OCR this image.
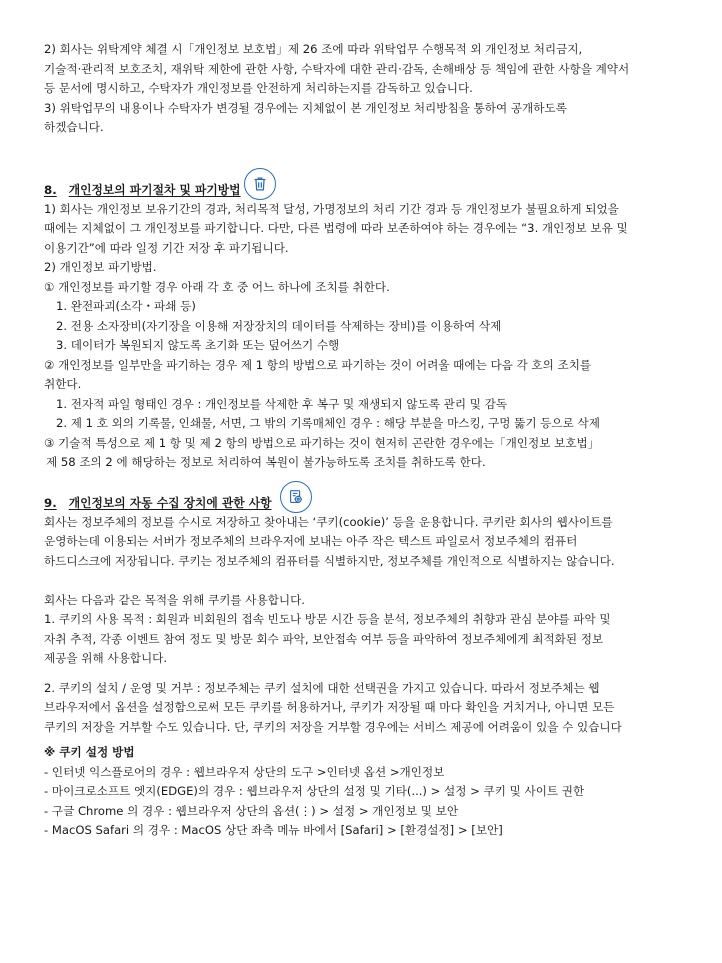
2) 회사는 위탁계약 체결 시「개인정보 보호법」제 26 조에 따라 위탁업무 수행목적 외 개인정보 처리금지,

기술적·관리적 보호조치, 재위탁 제한에 관한 사항, 수탁자에 대한 관리·감독, 손해배상 등 책임에 관한 사항을 계약서

등 문서에 명시하고, 수탁자가 개인정보를 안전하게 처리하는지를 감독하고 있습니다.

3) 위탁업무의 내용이나 수탁자가 변경될 경우에는 지체없이 본 개인정보 처리방침을 통하여 공개하도록

하겠습니다.

8. 개인정보의 파기절차 및 파기방법

1) 회사는 개인정보 보유기간의 경과, 처리목적 달성, 가명정보의 처리 기간 경과 등 개인정보가 불필요하게 되었을

때에는 지체없이 그 개인정보를 파기합니다. 다만, 다른 법령에 따라 보존하여야 하는 경우에는 “3. 개인정보 보유 및

이용기간”에 따라 일정 기간 저장 후 파기됩니다.

2) 개인정보 파기방법.

① 개인정보를 파기할 경우 아래 각 호 중 어느 하나에 조치를 취한다.

1. 완전파괴(소각・파쇄 등)

2. 전용 소자장비(자기장을 이용해 저장장치의 데이터를 삭제하는 장비)를 이용하여 삭제

3. 데이터가 복원되지 않도록 초기화 또는 덮어쓰기 수행

② 개인정보를 일부만을 파기하는 경우 제 1 항의 방법으로 파기하는 것이 어려울 때에는 다음 각 호의 조치를

취한다.

1. 전자적 파일 형태인 경우 : 개인정보를 삭제한 후 복구 및 재생되지 않도록 관리 및 감독

2. 제 1 호 외의 기록물, 인쇄물, 서면, 그 밖의 기록매체인 경우 : 해당 부분을 마스킹, 구멍 뚫기 등으로 삭제

③ 기술적 특성으로 제 1 항 및 제 2 항의 방법으로 파기하는 것이 현저히 곤란한 경우에는「개인정보 보호법」

제 58 조의 2 에 해당하는 정보로 처리하여 복원이 불가능하도록 조치를 취하도록 한다.

9. 개인정보의 자동 수집 장치에 관한 사항

회사는 정보주체의 정보를 수시로 저장하고 찾아내는 ‘쿠키(cookie)’ 등을 운용합니다. 쿠키란 회사의 웹사이트를

운영하는데 이용되는 서버가 정보주체의 브라우저에 보내는 아주 작은 텍스트 파일로서 정보주체의 컴퓨터

하드디스크에 저장됩니다. 쿠키는 정보주체의 컴퓨터를 식별하지만, 정보주체를 개인적으로 식별하지는 않습니다.

회사는 다음과 같은 목적을 위해 쿠키를 사용합니다.

1. 쿠키의 사용 목적 : 회원과 비회원의 접속 빈도나 방문 시간 등을 분석, 정보주체의 취향과 관심 분야를 파악 및

자취 추적, 각종 이벤트 참여 정도 및 방문 회수 파악, 보안접속 여부 등을 파악하여 정보주체에게 최적화된 정보

제공을 위해 사용합니다.

2. 쿠키의 설치 / 운영 및 거부 : 정보주체는 쿠키 설치에 대한 선택권을 가지고 있습니다. 따라서 정보주체는 웹

브라우저에서 옵션을 설정함으로써 모든 쿠키를 허용하거나, 쿠키가 저장될 때 마다 확인을 거치거나, 아니면 모든

쿠키의 저장을 거부할 수도 있습니다. 단, 쿠키의 저장을 거부할 경우에는 서비스 제공에 어려움이 있을 수 있습니다

※ 쿠키 설정 방법

- 인터넷 익스플로어의 경우 : 웹브라우저 상단의 도구 >인터넷 옵션 >개인정보

- 마이크로소프트 엣지(EDGE)의 경우 : 웹브라우저 상단의 설정 및 기타(...) > 설정 > 쿠키 및 사이트 권한

- 구글 Chrome 의 경우 : 웹브라우저 상단의 옵션(⋮) > 설정 > 개인정보 및 보안

- MacOS Safari 의 경우 : MacOS 상단 좌측 메뉴 바에서 [Safari] > [환경설정] > [보안]
